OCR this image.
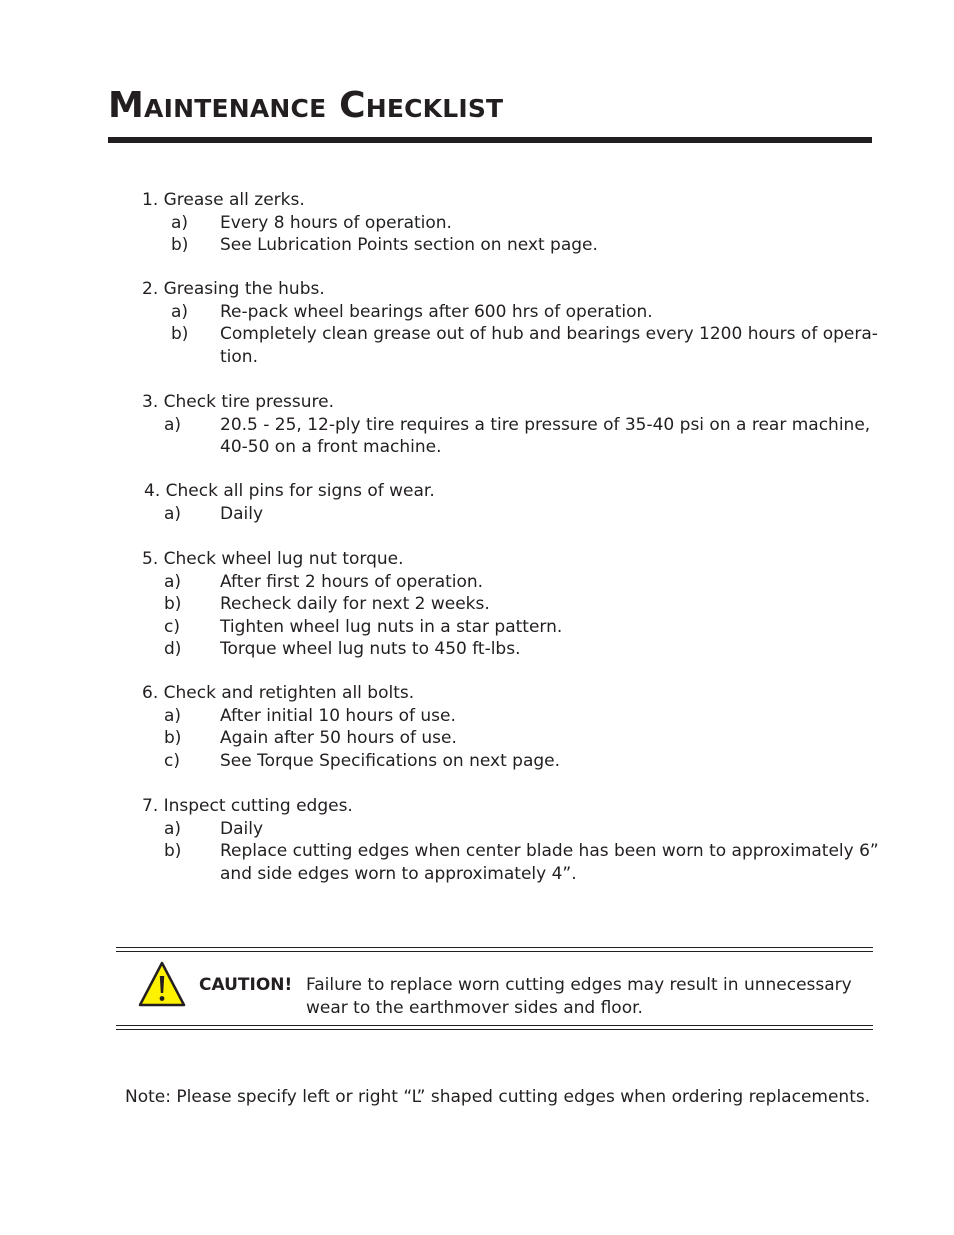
Maintenance Checklist
1. Grease all zerks.
a)	Every 8 hours of operation.
b)	See Lubrication Points section on next page.
2. Greasing the hubs.
a)	Re-pack wheel bearings after 600 hrs of operation.
b)	Completely clean grease out of hub and bearings every 1200 hours of opera-
tion.
3. Check tire pressure.
a)	20.5 - 25, 12-ply tire requires a tire pressure of 35-40 psi on a rear machine,
40-50 on a front machine.
4. Check all pins for signs of wear.
a)	Daily
5. Check wheel lug nut torque.
a)	After first 2 hours of operation.
b)	Recheck daily for next 2 weeks.
c)	Tighten wheel lug nuts in a star pattern.
d)	Torque wheel lug nuts to 450 ft-lbs.
6. Check and retighten all bolts.
a)	After initial 10 hours of use.
b)	Again after 50 hours of use.
c)	See Torque Specifications on next page.
7. Inspect cutting edges.
a)	Daily
b)	Replace cutting edges when center blade has been worn to approximately 6”
and side edges worn to approximately 4”.
CAUTION! Failure to replace worn cutting edges may result in unnecessary
wear to the earthmover sides and floor.
Note: Please specify left or right “L” shaped cutting edges when ordering replacements.
